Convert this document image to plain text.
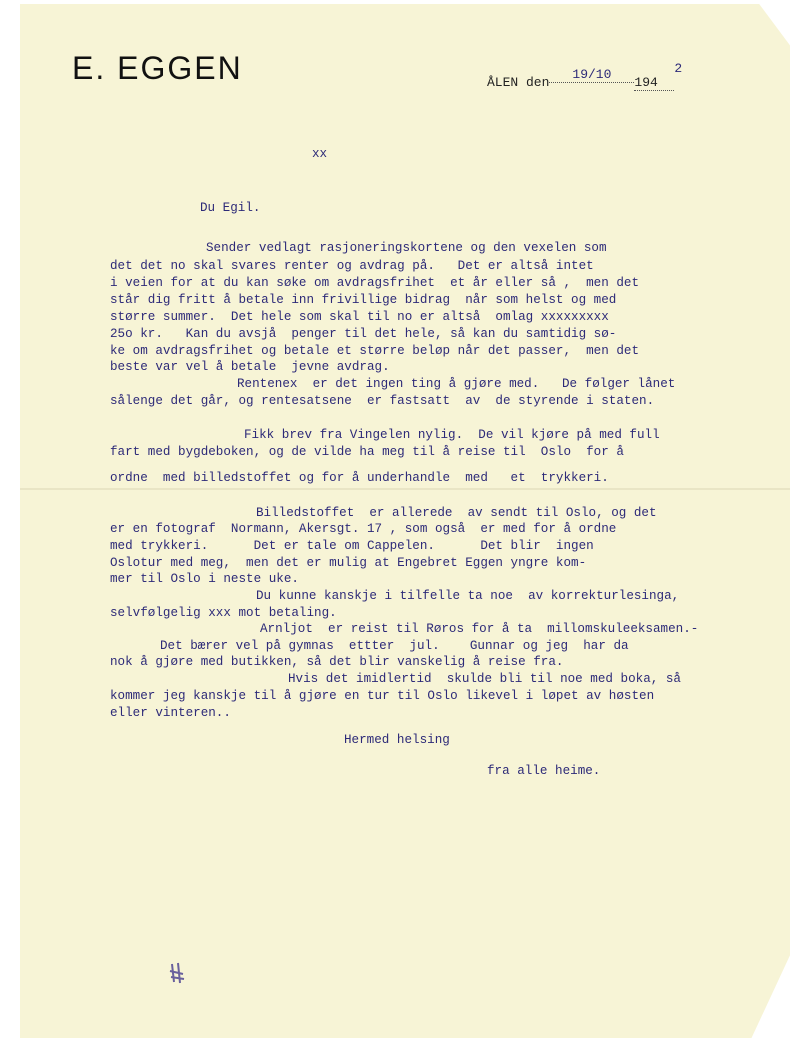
E. EGGEN	ÅLEN den19/101942
xx
Du Egil.
Sender vedlagt rasjoneringskortene og den vexelen som
det det no skal svares renter og avdrag på.   Det er altså intet
i veien for at du kan søke om avdragsfrihet  et år eller så ,  men det
står dig fritt å betale inn frivillige bidrag  når som helst og med
større summer.  Det hele som skal til no er altså  omlag xxxxxxxxx
25o kr.   Kan du avsjå  penger til det hele, så kan du samtidig sø-
ke om avdragsfrihet og betale et større beløp når det passer,  men det
beste var vel å betale  jevne avdrag.
Rentenex  er det ingen ting å gjøre med.   De følger lånet
sålenge det går, og rentesatsene  er fastsatt  av  de styrende i staten.
Fikk brev fra Vingelen nylig.  De vil kjøre på med full
fart med bygdeboken, og de vilde ha meg til å reise til  Oslo  for å
ordne  med billedstoffet og for å underhandle  med   et  trykkeri.
Billedstoffet  er allerede  av sendt til Oslo, og det
er en fotograf  Normann, Akersgt. 17 , som også  er med for å ordne
med trykkeri.      Det er tale om Cappelen.      Det blir  ingen
Oslotur med meg,  men det er mulig at Engebret Eggen yngre kom-
mer til Oslo i neste uke.
Du kunne kanskje i tilfelle ta noe  av korrekturlesinga,
selvfølgelig xxx mot betaling.
Arnljot  er reist til Røros for å ta  millomskuleeksamen.-
Det bærer vel på gymnas  ettter  jul.    Gunnar og jeg  har da
nok å gjøre med butikken, så det blir vanskelig å reise fra.
Hvis det imidlertid  skulde bli til noe med boka, så
kommer jeg kanskje til å gjøre en tur til Oslo likevel i løpet av høsten
eller vinteren..
Hermed helsing
fra alle heime.
